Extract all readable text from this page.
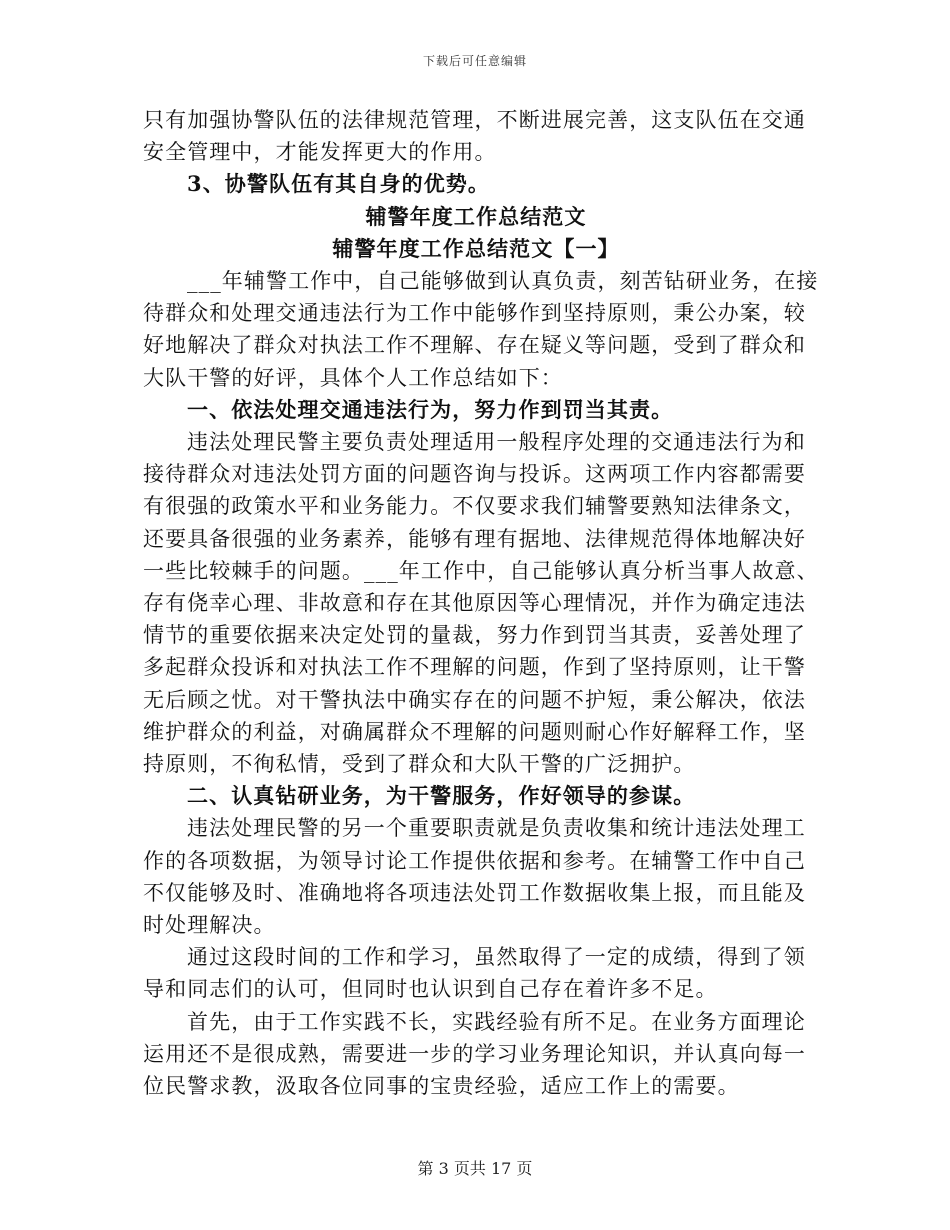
下载后可任意编辑

只有加强协警队伍的法律规范管理，不断进展完善，这支队伍在交通

安全管理中，才能发挥更大的作用。

3、协警队伍有其自身的优势。

辅警年度工作总结范文

辅警年度工作总结范文【一】

___年辅警工作中，自己能够做到认真负责，刻苦钻研业务，在接

待群众和处理交通违法行为工作中能够作到坚持原则，秉公办案，较

好地解决了群众对执法工作不理解、存在疑义等问题，受到了群众和

大队干警的好评，具体个人工作总结如下：

一、依法处理交通违法行为，努力作到罚当其责。

违法处理民警主要负责处理适用一般程序处理的交通违法行为和

接待群众对违法处罚方面的问题咨询与投诉。这两项工作内容都需要

有很强的政策水平和业务能力。不仅要求我们辅警要熟知法律条文，

还要具备很强的业务素养，能够有理有据地、法律规范得体地解决好

一些比较棘手的问题。___年工作中，自己能够认真分析当事人故意、

存有侥幸心理、非故意和存在其他原因等心理情况，并作为确定违法

情节的重要依据来决定处罚的量裁，努力作到罚当其责，妥善处理了

多起群众投诉和对执法工作不理解的问题，作到了坚持原则，让干警

无后顾之忧。对干警执法中确实存在的问题不护短，秉公解决，依法

维护群众的利益，对确属群众不理解的问题则耐心作好解释工作，坚

持原则，不徇私情，受到了群众和大队干警的广泛拥护。

二、认真钻研业务，为干警服务，作好领导的参谋。

违法处理民警的另一个重要职责就是负责收集和统计违法处理工

作的各项数据，为领导讨论工作提供依据和参考。在辅警工作中自己

不仅能够及时、准确地将各项违法处罚工作数据收集上报，而且能及

时处理解决。

通过这段时间的工作和学习，虽然取得了一定的成绩，得到了领

导和同志们的认可，但同时也认识到自己存在着许多不足。

首先，由于工作实践不长，实践经验有所不足。在业务方面理论

运用还不是很成熟，需要进一步的学习业务理论知识，并认真向每一

位民警求教，汲取各位同事的宝贵经验，适应工作上的需要。

第 3 页共 17 页
